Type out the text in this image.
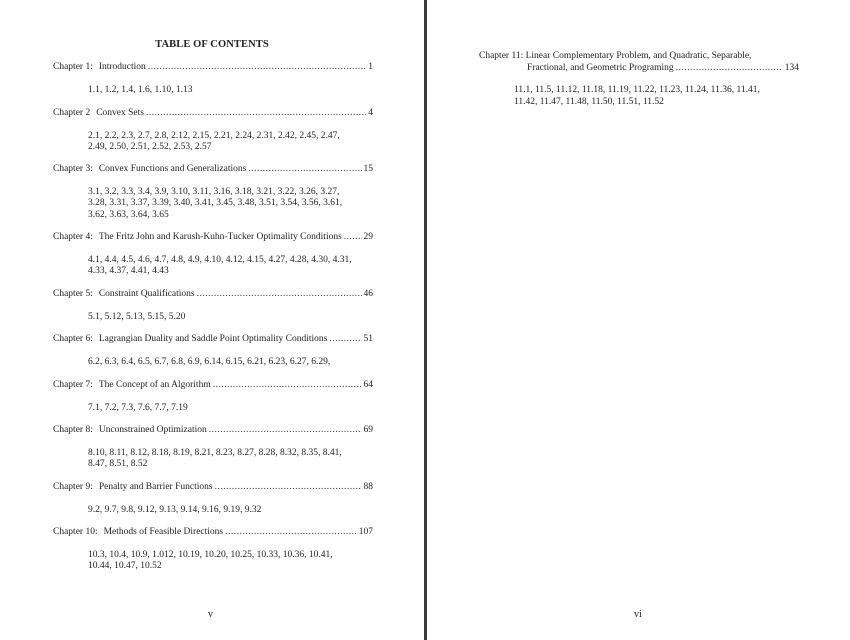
TABLE OF CONTENTS
Chapter 1: Introduction .....	1
1.1, 1.2, 1.4, 1.6, 1.10, 1.13
Chapter 2 Convex Sets .....	4
2.1, 2.2, 2.3, 2.7, 2.8, 2.12, 2.15, 2.21, 2.24, 2.31, 2.42, 2.45, 2.47, 2.49, 2.50, 2.51, 2.52, 2.53, 2.57
Chapter 3: Convex Functions and Generalizations .....	15
3.1, 3.2, 3.3, 3.4, 3.9, 3.10, 3.11, 3.16, 3.18, 3.21, 3.22, 3.26, 3.27, 3.28, 3.31, 3.37, 3.39, 3.40, 3.41, 3.45, 3.48, 3.51, 3.54, 3.56, 3.61, 3.62, 3.63, 3.64, 3.65
Chapter 4: The Fritz John and Karush-Kuhn-Tucker Optimality Conditions ..... 29
4.1, 4.4, 4.5, 4.6, 4.7, 4.8, 4.9, 4.10, 4.12, 4.15, 4.27, 4.28, 4.30, 4.31, 4.33, 4.37, 4.41, 4.43
Chapter 5: Constraint Qualifications .....	46
5.1, 5.12, 5.13, 5.15, 5.20
Chapter 6: Lagrangian Duality and Saddle Point Optimality Conditions .....	51
6.2, 6.3, 6.4, 6.5, 6.7, 6.8, 6.9, 6.14, 6.15, 6.21, 6.23, 6.27, 6.29,
Chapter 7: The Concept of an Algorithm .....	64
7.1, 7.2, 7.3, 7.6, 7.7, 7.19
Chapter 8: Unconstrained Optimization .....	69
8.10, 8.11, 8.12, 8.18, 8.19, 8.21, 8.23, 8.27, 8.28, 8.32, 8.35, 8.41, 8.47, 8.51, 8.52
Chapter 9: Penalty and Barrier Functions .....	88
9.2, 9.7, 9.8, 9.12, 9.13, 9.14, 9.16, 9.19, 9.32
Chapter 10: Methods of Feasible Directions .....	107
10.3, 10.4, 10.9, 1.012, 10.19, 10.20, 10.25, 10.33, 10.36, 10.41, 10.44, 10.47, 10.52
v
Chapter 11: Linear Complementary Problem, and Quadratic, Separable,
Fractional, and Geometric Programing .....	134
11.1, 11.5, 11.12, 11.18, 11.19, 11.22, 11.23, 11.24, 11.36, 11.41, 11.42, 11.47, 11.48, 11.50, 11.51, 11.52
vi
